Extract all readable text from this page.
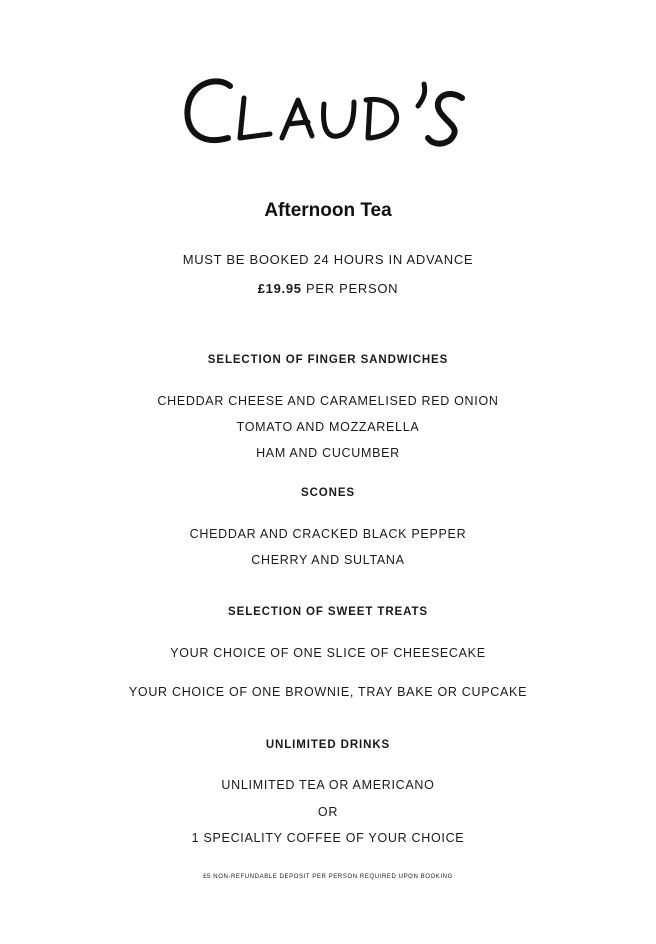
Afternoon Tea
MUST BE BOOKED 24 HOURS IN ADVANCE
£19.95 PER PERSON
SELECTION OF FINGER SANDWICHES
CHEDDAR CHEESE AND CARAMELISED RED ONION
TOMATO AND MOZZARELLA
HAM AND CUCUMBER
SCONES
CHEDDAR AND CRACKED BLACK PEPPER
CHERRY AND SULTANA
SELECTION OF SWEET TREATS
YOUR CHOICE OF ONE SLICE OF CHEESECAKE
YOUR CHOICE OF ONE BROWNIE, TRAY BAKE OR CUPCAKE
UNLIMITED DRINKS
UNLIMITED TEA OR AMERICANO
OR
1 SPECIALITY COFFEE OF YOUR CHOICE
£5 NON-REFUNDABLE DEPOSIT PER PERSON REQUIRED UPON BOOKING
